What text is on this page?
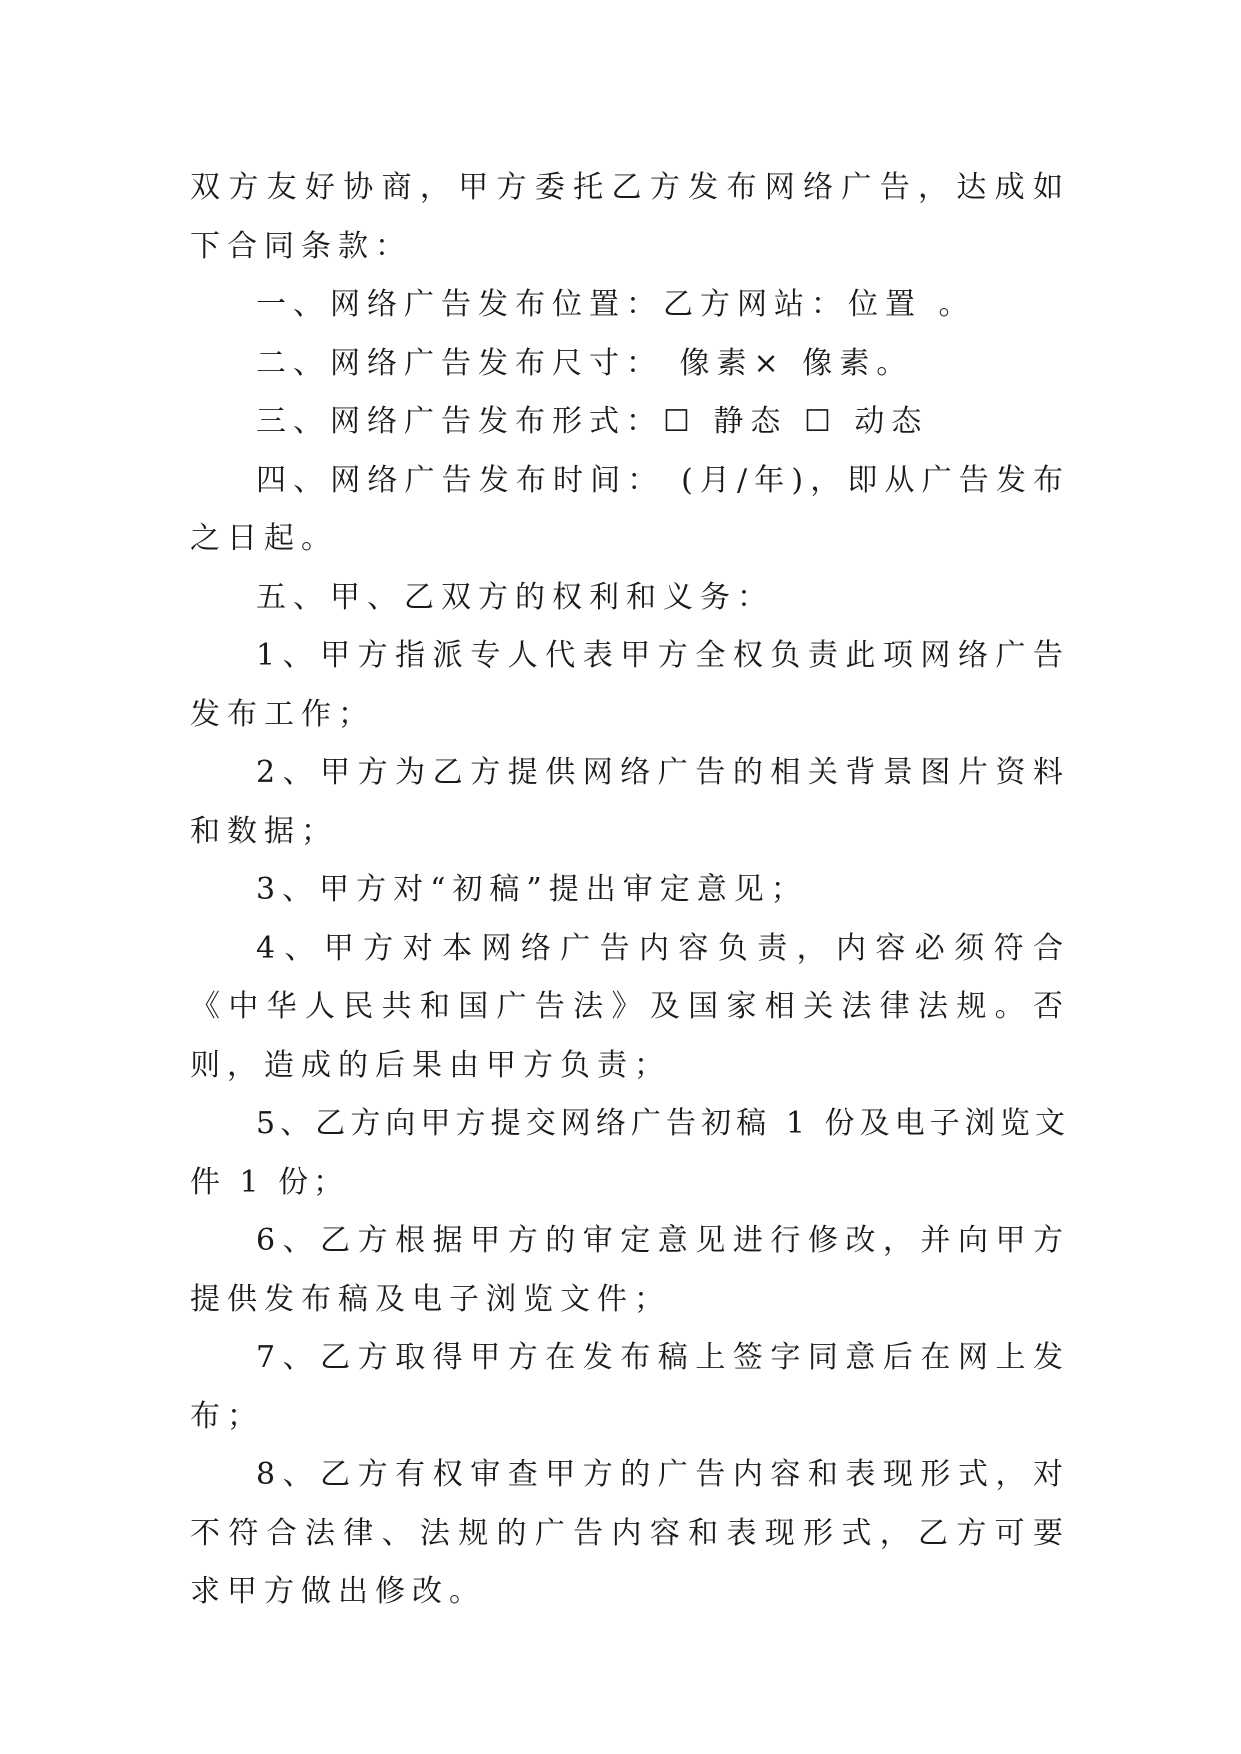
双方友好协商，甲方委托乙方发布网络广告，达成如下合同条款：

一、网络广告发布位置：乙方网站：位置 。

二、网络广告发布尺寸： 像素× 像素。

三、网络广告发布形式：☐ 静态 ☐ 动态

四、网络广告发布时间： (月/年)，即从广告发布之日起。

五、甲、乙双方的权利和义务：

1、甲方指派专人代表甲方全权负责此项网络广告发布工作；

2、甲方为乙方提供网络广告的相关背景图片资料和数据；

3、甲方对“初稿”提出审定意见；

4、甲方对本网络广告内容负责，内容必须符合《中华人民共和国广告法》及国家相关法律法规。否则，造成的后果由甲方负责；

5、乙方向甲方提交网络广告初稿 1 份及电子浏览文件 1 份；

6、乙方根据甲方的审定意见进行修改，并向甲方提供发布稿及电子浏览文件；

7、乙方取得甲方在发布稿上签字同意后在网上发布；

8、乙方有权审查甲方的广告内容和表现形式，对不符合法律、法规的广告内容和表现形式，乙方可要求甲方做出修改。
